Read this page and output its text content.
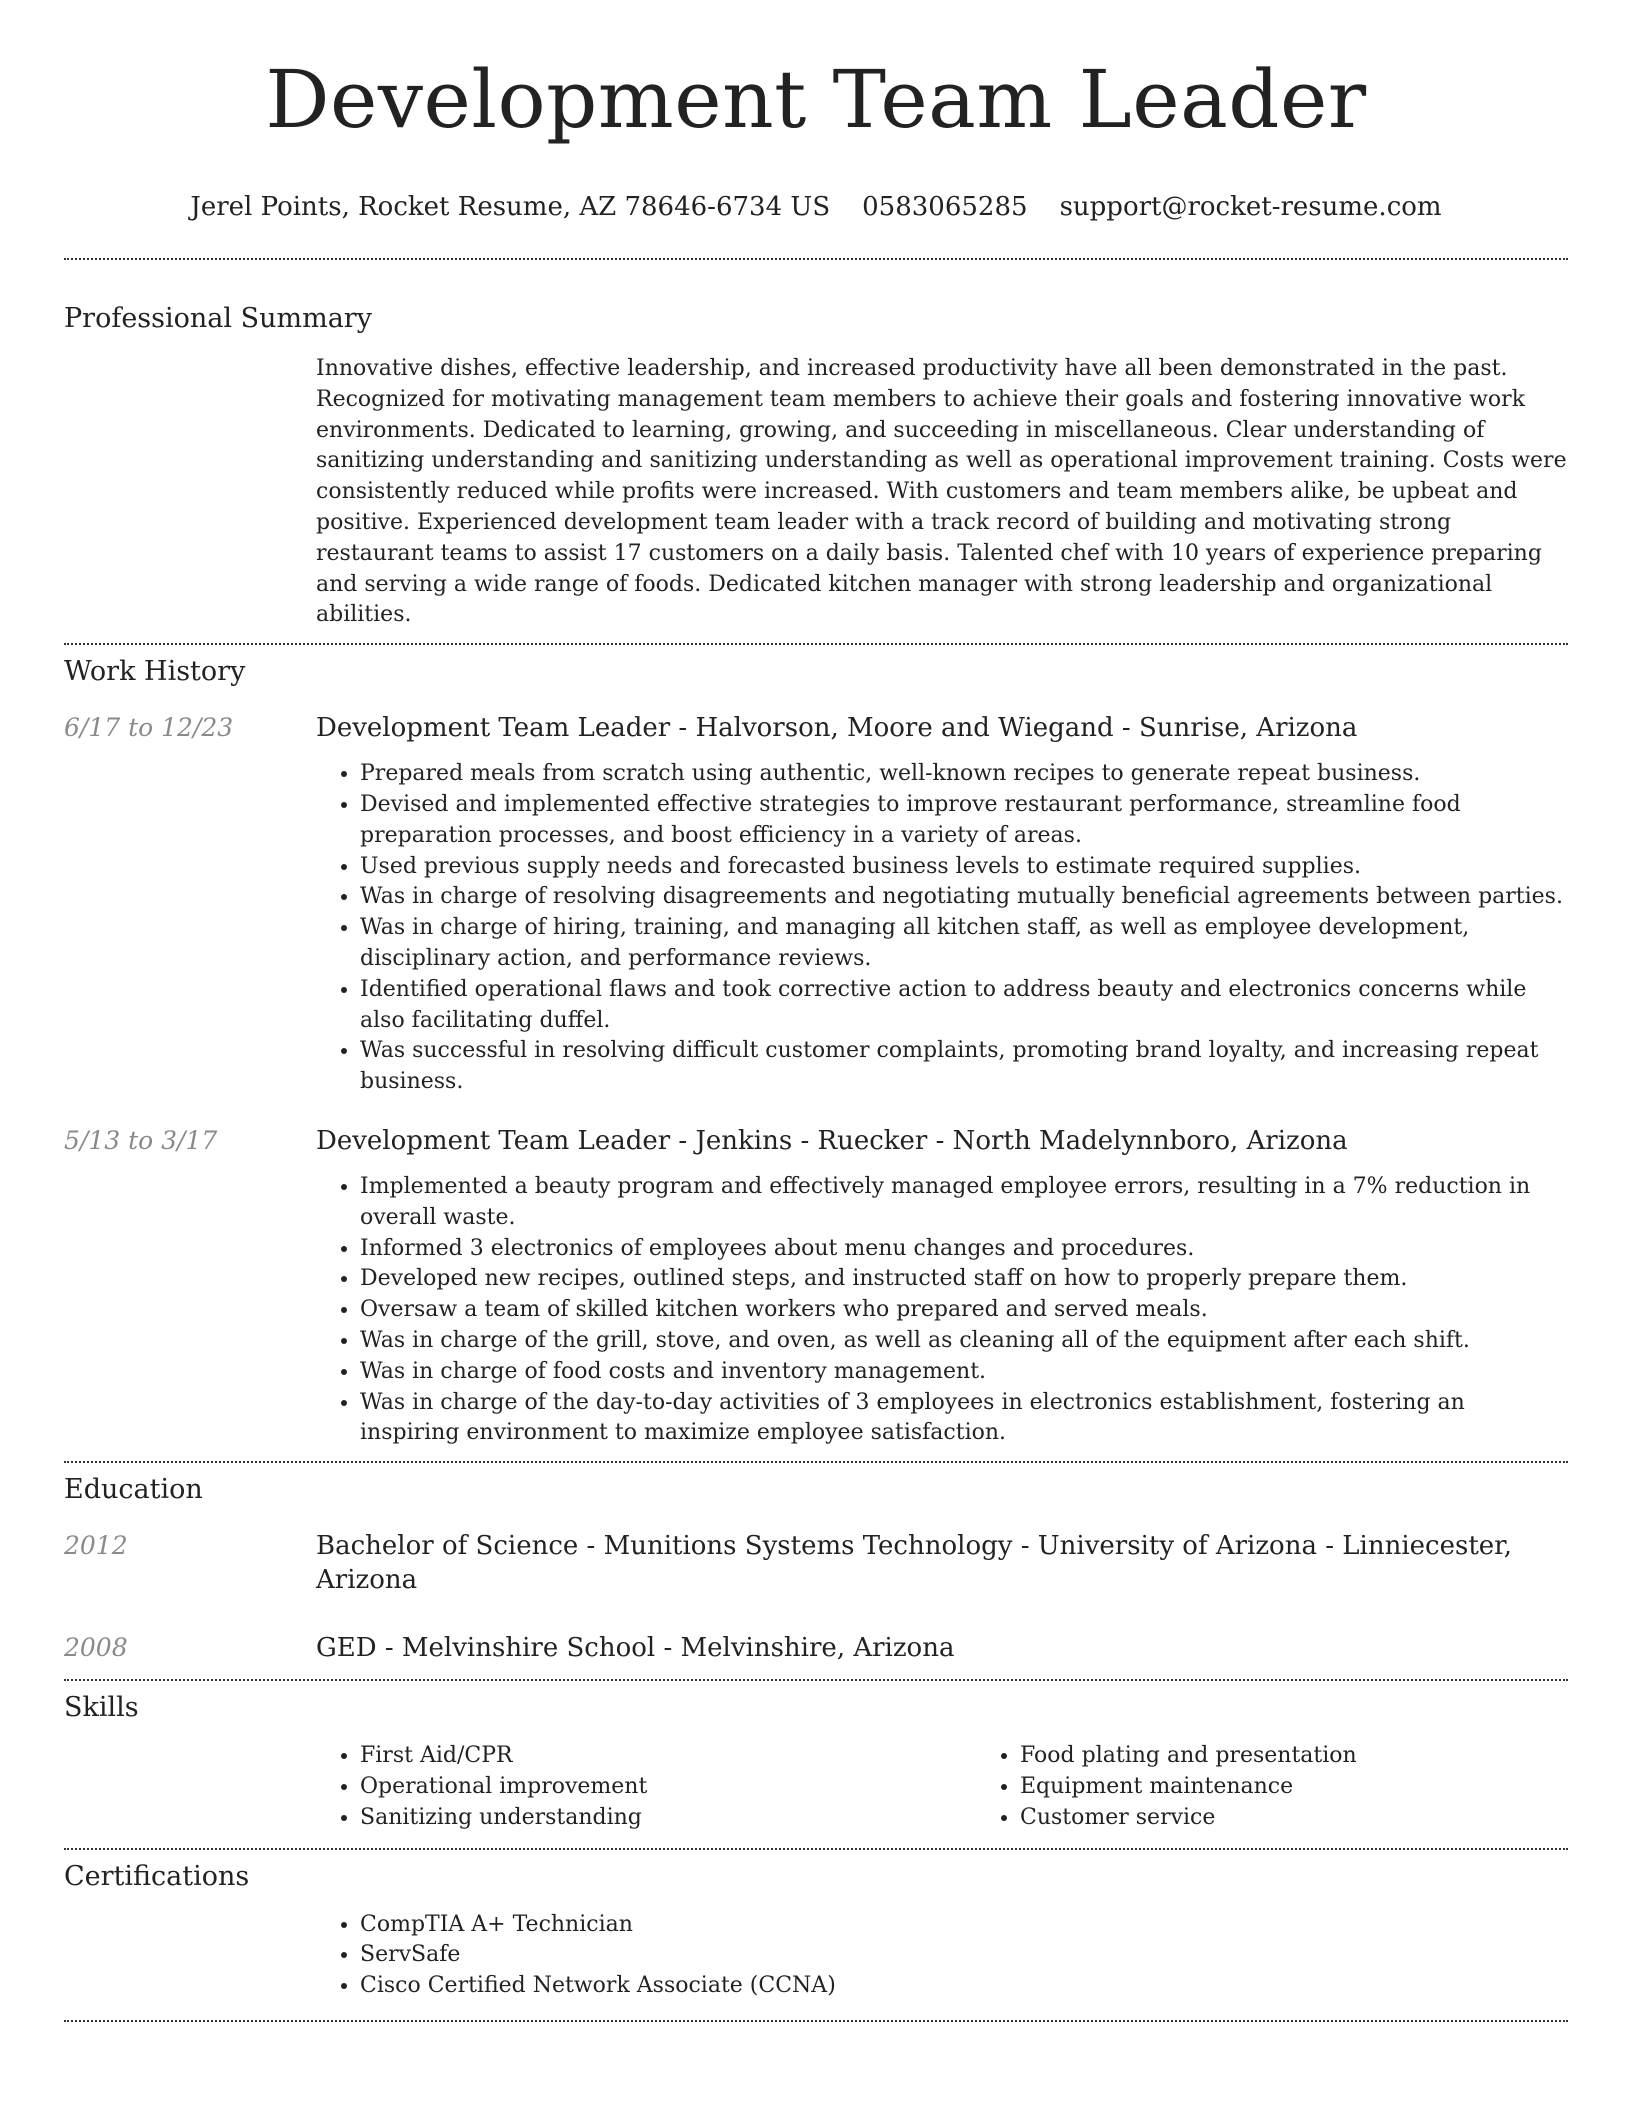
Development Team Leader
Jerel Points, Rocket Resume, AZ 78646-6734 US 0583065285 support@rocket-resume.com
Professional Summary

Innovative dishes, effective leadership, and increased productivity have all been demonstrated in the past. Recognized for motivating management team members to achieve their goals and fostering innovative work environments. Dedicated to learning, growing, and succeeding in miscellaneous. Clear understanding of sanitizing understanding and sanitizing understanding as well as operational improvement training. Costs were consistently reduced while profits were increased. With customers and team members alike, be upbeat and positive. Experienced development team leader with a track record of building and motivating strong restaurant teams to assist 17 customers on a daily basis. Talented chef with 10 years of experience preparing and serving a wide range of foods. Dedicated kitchen manager with strong leadership and organizational abilities.

Work History
6/17 to 12/23	Development Team Leader - Halvorson, Moore and Wiegand - Sunrise, Arizona
• Prepared meals from scratch using authentic, well-known recipes to generate repeat business.
• Devised and implemented effective strategies to improve restaurant performance, streamline food preparation processes, and boost efficiency in a variety of areas.
• Used previous supply needs and forecasted business levels to estimate required supplies.
• Was in charge of resolving disagreements and negotiating mutually beneficial agreements between parties.
• Was in charge of hiring, training, and managing all kitchen staff, as well as employee development, disciplinary action, and performance reviews.
• Identified operational flaws and took corrective action to address beauty and electronics concerns while also facilitating duffel.
• Was successful in resolving difficult customer complaints, promoting brand loyalty, and increasing repeat business.
5/13 to 3/17	Development Team Leader - Jenkins - Ruecker - North Madelynnboro, Arizona
• Implemented a beauty program and effectively managed employee errors, resulting in a 7% reduction in overall waste.
• Informed 3 electronics of employees about menu changes and procedures.
• Developed new recipes, outlined steps, and instructed staff on how to properly prepare them.
• Oversaw a team of skilled kitchen workers who prepared and served meals.
• Was in charge of the grill, stove, and oven, as well as cleaning all of the equipment after each shift.
• Was in charge of food costs and inventory management.
• Was in charge of the day-to-day activities of 3 employees in electronics establishment, fostering an inspiring environment to maximize employee satisfaction.
Education
2012	Bachelor of Science - Munitions Systems Technology - University of Arizona - Linniecester, Arizona
2008	GED - Melvinshire School - Melvinshire, Arizona
Skills
• First Aid/CPR
• Operational improvement
• Sanitizing understanding
• Food plating and presentation
• Equipment maintenance
• Customer service
Certifications
• CompTIA A+ Technician
• ServSafe
• Cisco Certified Network Associate (CCNA)
